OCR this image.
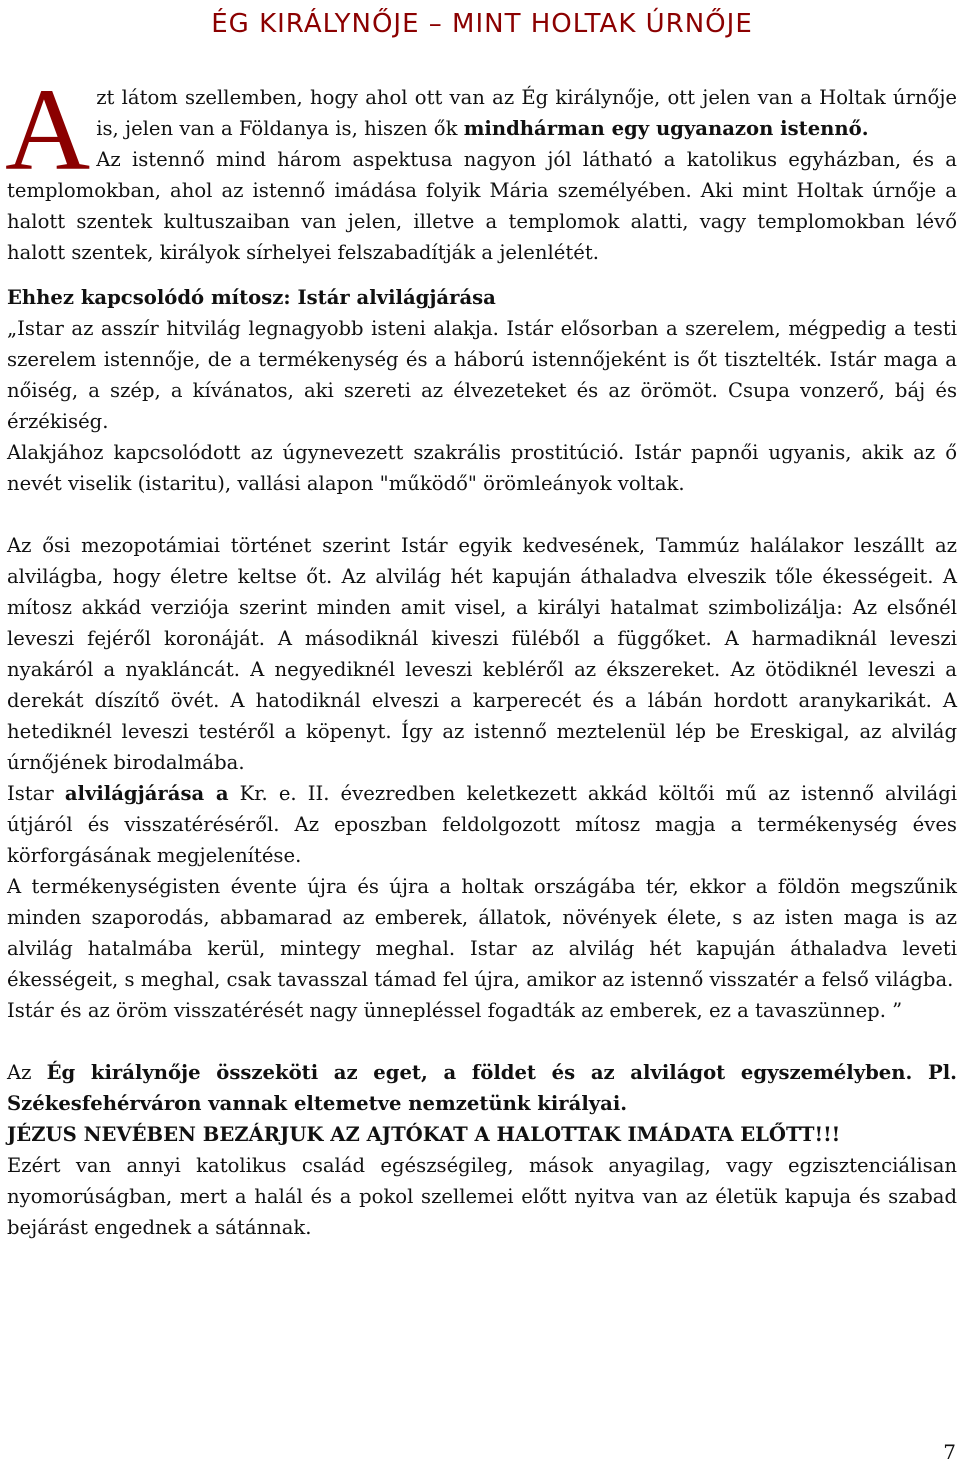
ÉG KIRÁLYNŐJE – MINT HOLTAK ÚRNŐJE

Azt látom szellemben, hogy ahol ott van az Ég királynője, ott jelen van a Holtak úrnője is, jelen van a Földanya is, hiszen ők mindhárman egy ugyanazon istennő.

Az istennő mind három aspektusa nagyon jól látható a katolikus egyházban, és a templomokban, ahol az istennő imádása folyik Mária személyében. Aki mint Holtak úrnője a halott szentek kultuszaiban van jelen, illetve a templomok alatti, vagy templomokban lévő halott szentek, királyok sírhelyei felszabadítják a jelenlétét.

Ehhez kapcsolódó mítosz: Istár alvilágjárása

„Istar az asszír hitvilág legnagyobb isteni alakja. Istár elősorban a szerelem, mégpedig a testi szerelem istennője, de a termékenység és a háború istennőjeként is őt tisztelték. Istár maga a nőiség, a szép, a kívánatos, aki szereti az élvezeteket és az örömöt. Csupa vonzerő, báj és érzékiség.

Alakjához kapcsolódott az úgynevezett szakrális prostitúció. Istár papnői ugyanis, akik az ő nevét viselik (istaritu), vallási alapon "működő" örömleányok voltak.

Az ősi mezopotámiai történet szerint Istár egyik kedvesének, Tammúz halálakor leszállt az alvilágba, hogy életre keltse őt. Az alvilág hét kapuján áthaladva elveszik tőle ékességeit. A mítosz akkád verziója szerint minden amit visel, a királyi hatalmat szimbolizálja: Az elsőnél leveszi fejéről koronáját. A másodiknál kiveszi füléből a függőket. A harmadiknál leveszi nyakáról a nyakláncát. A negyediknél leveszi kebléről az ékszereket. Az ötödiknél leveszi a derekát díszítő övét. A hatodiknál elveszi a karperecét és a lábán hordott aranykarikát. A hetediknél leveszi testéről a köpenyt. Így az istennő meztelenül lép be Ereskigal, az alvilág úrnőjének birodalmába.

Istar alvilágjárása a Kr. e. II. évezredben keletkezett akkád költői mű az istennő alvilági útjáról és visszatéréséről. Az eposzban feldolgozott mítosz magja a termékenység éves körforgásának megjelenítése.

A termékenységisten évente újra és újra a holtak országába tér, ekkor a földön megszűnik minden szaporodás, abbamarad az emberek, állatok, növények élete, s az isten maga is az alvilág hatalmába kerül, mintegy meghal. Istar az alvilág hét kapuján áthaladva leveti ékességeit, s meghal, csak tavasszal támad fel újra, amikor az istennő visszatér a felső világba.

Istár és az öröm visszatérését nagy ünnepléssel fogadták az emberek, ez a tavaszünnep. ”

Az Ég királynője összeköti az eget, a földet és az alvilágot egyszemélyben. Pl. Székesfehérváron vannak eltemetve nemzetünk királyai.

JÉZUS NEVÉBEN BEZÁRJUK AZ AJTÓKAT A HALOTTAK IMÁDATA ELŐTT!!!

Ezért van annyi katolikus család egészségileg, mások anyagilag, vagy egzisztenciálisan nyomorúságban, mert a halál és a pokol szellemei előtt nyitva van az életük kapuja és szabad bejárást engednek a sátánnak.

7
